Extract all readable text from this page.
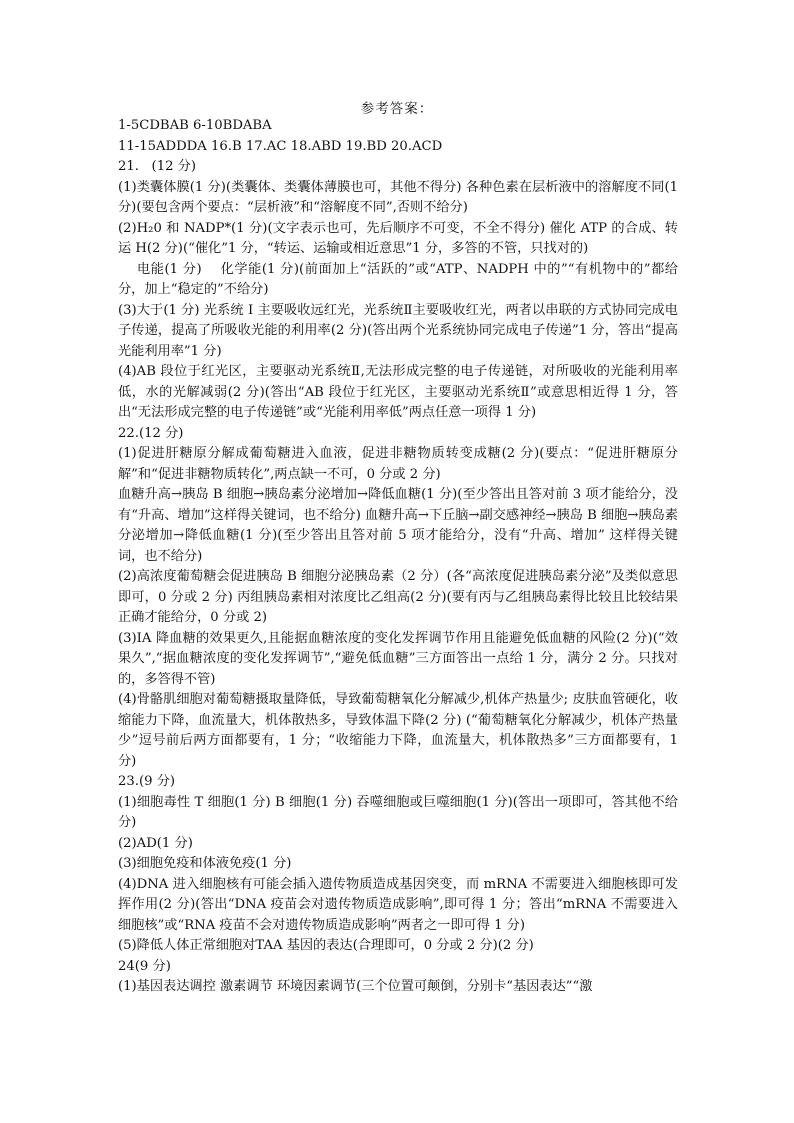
参考答案：

1-5CDBAB 6-10BDABA

11-15ADDDA 16.B 17.AC 18.ABD 19.BD 20.ACD

21.   (12 分)

(1)类囊体膜(1 分)(类囊体、类囊体薄膜也可，其他不得分) 各种色素在层析液中的溶解度不同(1 分)(要包含两个要点：“层析液”和“溶解度不同”,否则不给分)

(2)H₂0 和 NADP*(1 分)(文字表示也可，先后顺序不可变，不全不得分) 催化 ATP 的合成、转运 H(2 分)(“催化”1 分，“转运、运输或相近意思”1 分，多答的不管，只找对的)

电能(1 分)    化学能(1 分)(前面加上“活跃的”或“ATP、NADPH 中的”“有机物中的”都给分，加上“稳定的”不给分)

(3)大于(1 分) 光系统 I 主要吸收远红光，光系统Ⅱ主要吸收红光，两者以串联的方式协同完成电子传递，提高了所吸收光能的利用率(2 分)(答出两个光系统协同完成电子传递”1 分，答出“提高光能利用率”1 分)

(4)AB 段位于红光区，主要驱动光系统Ⅱ,无法形成完整的电子传递链，对所吸收的光能利用率低，水的光解减弱(2 分)(答出“AB 段位于红光区，主要驱动光系统Ⅱ”或意思相近得 1 分，答出“无法形成完整的电子传递链”或“光能利用率低”两点任意一项得 1 分)

22.(12 分)

(1)促进肝糖原分解成葡萄糖进入血液，促进非糖物质转变成糖(2 分)(要点：“促进肝糖原分解”和“促进非糖物质转化”,两点缺一不可，0 分或 2 分)

血糖升高→胰岛 B 细胞→胰岛素分泌增加→降低血糖(1 分)(至少答出且答对前 3 项才能给分，没有“升高、增加”这样得关键词，也不给分) 血糖升高→下丘脑→副交感神经→胰岛 B 细胞→胰岛素分泌增加→降低血糖(1 分)(至少答出且答对前 5 项才能给分，没有“升高、增加” 这样得关键词，也不给分)

(2)高浓度葡萄糖会促进胰岛 B 细胞分泌胰岛素（2 分）(各“高浓度促进胰岛素分泌”及类似意思即可，0 分或 2 分) 丙组胰岛素相对浓度比乙组高(2 分)(要有丙与乙组胰岛素得比较且比较结果正确才能给分，0 分或 2)

(3)IA 降血糖的效果更久,且能据血糖浓度的变化发挥调节作用且能避免低血糖的风险(2 分)(“效果久”,“据血糖浓度的变化发挥调节”,“避免低血糖”三方面答出一点给 1 分，满分 2 分。只找对的，多答得不管)

(4)骨骼肌细胞对葡萄糖摄取量降低，导致葡萄糖氧化分解减少,机体产热量少; 皮肤血管硬化，收缩能力下降，血流量大，机体散热多，导致体温下降(2 分) (“葡萄糖氧化分解减少，机体产热量少”逗号前后两方面都要有，1 分；“收缩能力下降，血流量大，机体散热多”三方面都要有，1 分)

23.(9 分)

(1)细胞毒性 T 细胞(1 分) B 细胞(1 分) 吞噬细胞或巨噬细胞(1 分)(答出一项即可，答其他不给分)

(2)AD(1 分)

(3)细胞免疫和体液免疫(1 分)

(4)DNA 进入细胞核有可能会插入遗传物质造成基因突变，而 mRNA 不需要进入细胞核即可发挥作用(2 分)(答出“DNA 疫苗会对遗传物质造成影响”,即可得 1 分；答出“mRNA 不需要进入细胞核”或“RNA 疫苗不会对遗传物质造成影响”两者之一即可得 1 分)

(5)降低人体正常细胞对TAA 基因的表达(合理即可，0 分或 2 分)(2 分)

24(9 分)

(1)基因表达调控 激素调节 环境因素调节(三个位置可颠倒，分别卡“基因表达”“激
